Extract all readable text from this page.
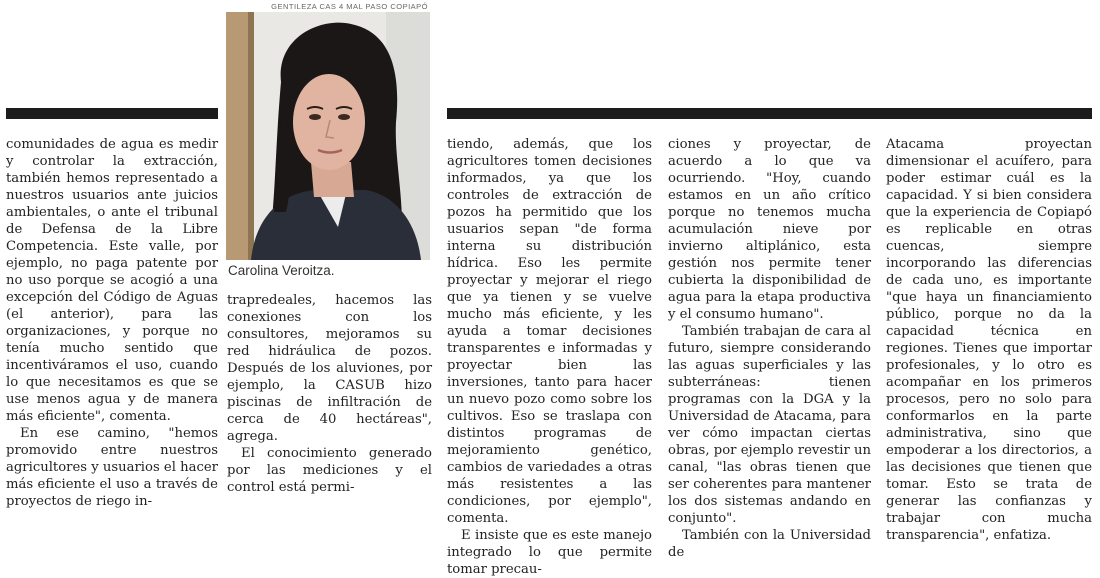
GENTILEZA CAS 4 MAL PASO COPIAPÓ
Carolina Veroitza.

comunidades de agua es medir y controlar la extracción, también hemos representado a nuestros usuarios ante juicios ambientales, o ante el tribunal de Defensa de la Libre Competencia. Este valle, por ejemplo, no paga patente por no uso porque se acogió a una excepción del Código de Aguas (el anterior), para las organizaciones, y porque no tenía mucho sentido que incentiváramos el uso, cuando lo que necesitamos es que se use menos agua y de manera más eficiente", comenta.

En ese camino, "hemos promovido entre nuestros agricultores y usuarios el hacer más eficiente el uso a través de proyectos de riego in-

trapredeales, hacemos las conexiones con los consultores, mejoramos su red hidráulica de pozos. Después de los aluviones, por ejemplo, la CASUB hizo piscinas de infiltración de cerca de 40 hectáreas", agrega.

El conocimiento generado por las mediciones y el control está permi-

tiendo, además, que los agricultores tomen decisiones informados, ya que los controles de extracción de pozos ha permitido que los usuarios sepan "de forma interna su distribución hídrica. Eso les permite proyectar y mejorar el riego que ya tienen y se vuelve mucho más eficiente, y les ayuda a tomar decisiones transparentes e informadas y proyectar bien las inversiones, tanto para hacer un nuevo pozo como sobre los cultivos. Eso se traslapa con distintos programas de mejoramiento genético, cambios de variedades a otras más resistentes a las condiciones, por ejemplo", comenta.

E insiste que es este manejo integrado lo que permite tomar precau-

ciones y proyectar, de acuerdo a lo que va ocurriendo. "Hoy, cuando estamos en un año crítico porque no tenemos mucha acumulación nieve por invierno altiplánico, esta gestión nos permite tener cubierta la disponibilidad de agua para la etapa productiva y el consumo humano".

También trabajan de cara al futuro, siempre considerando las aguas superficiales y las subterráneas: tienen programas con la DGA y la Universidad de Atacama, para ver cómo impactan ciertas obras, por ejemplo revestir un canal, "las obras tienen que ser coherentes para mantener los dos sistemas andando en conjunto".

También con la Universidad de

Atacama proyectan dimensionar el acuífero, para poder estimar cuál es la capacidad. Y si bien considera que la experiencia de Copiapó es replicable en otras cuencas, siempre incorporando las diferencias de cada uno, es importante "que haya un financiamiento público, porque no da la capacidad técnica en regiones. Tienes que importar profesionales, y lo otro es acompañar en los primeros procesos, pero no solo para conformarlos en la parte administrativa, sino que empoderar a los directorios, a las decisiones que tienen que tomar. Esto se trata de generar las confianzas y trabajar con mucha transparencia", enfatiza.
